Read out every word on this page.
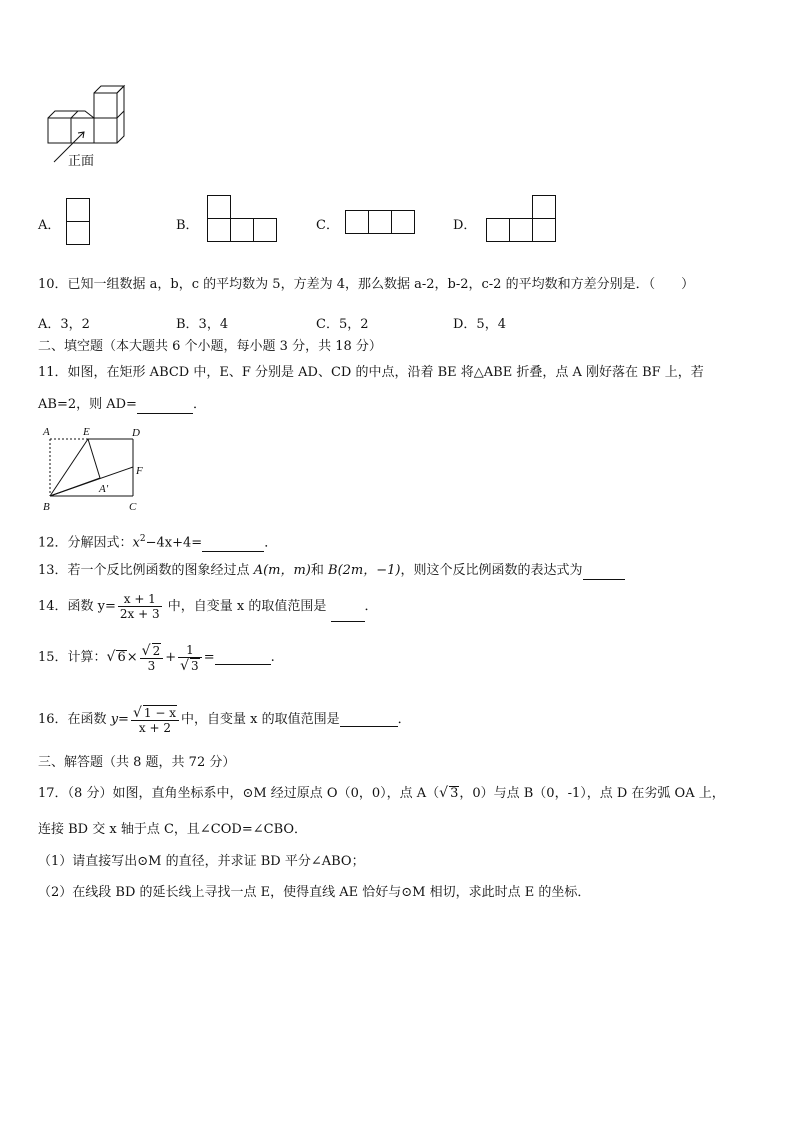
正面
A．	B．	C．	D．
10．已知一组数据 a，b，c 的平均数为 5，方差为 4，那么数据 a-2，b-2，c-2 的平均数和方差分别是．（　　）
A．3，2	B．3，4	C．5，2	D．5，4
二、填空题（本大题共 6 个小题，每小题 3 分，共 18 分）
11．如图，在矩形 ABCD 中，E、F 分别是 AD、CD 的中点，沿着 BE 将△ABE 折叠，点 A 刚好落在 BF 上，若
AB=2，则 AD=	．
A	E	D
F
A′
B	C
12．分解因式：$x^2-4x+4=$	．
13．若一个反比例函数的图象经过点 A(m，m)和 B(2m，−1)，则这个反比例函数的表达式为
14．函数 $y= \frac{x + 1}{2x + 3}$ 中，自变量 x 的取值范围是	．
15．计算：√ $6\times \frac{√ 2}{3} + \frac{1}{√ 3}$ =	.
16．在函数 $y= \frac{√ 1 - x}{x + 2}$ 中，自变量 x 的取值范围是	．
三、解答题（共 8 题，共 72 分）
17．（8 分）如图，直角坐标系中，⊙M 经过原点 O（0，0），点 A（√ 3，0）与点 B（0，-1），点 D 在劣弧 OA 上，
连接 BD 交 x 轴于点 C，且∠COD=∠CBO．
（1）请直接写出⊙M 的直径，并求证 BD 平分∠ABO；
（2）在线段 BD 的延长线上寻找一点 E，使得直线 AE 恰好与⊙M 相切，求此时点 E 的坐标．
